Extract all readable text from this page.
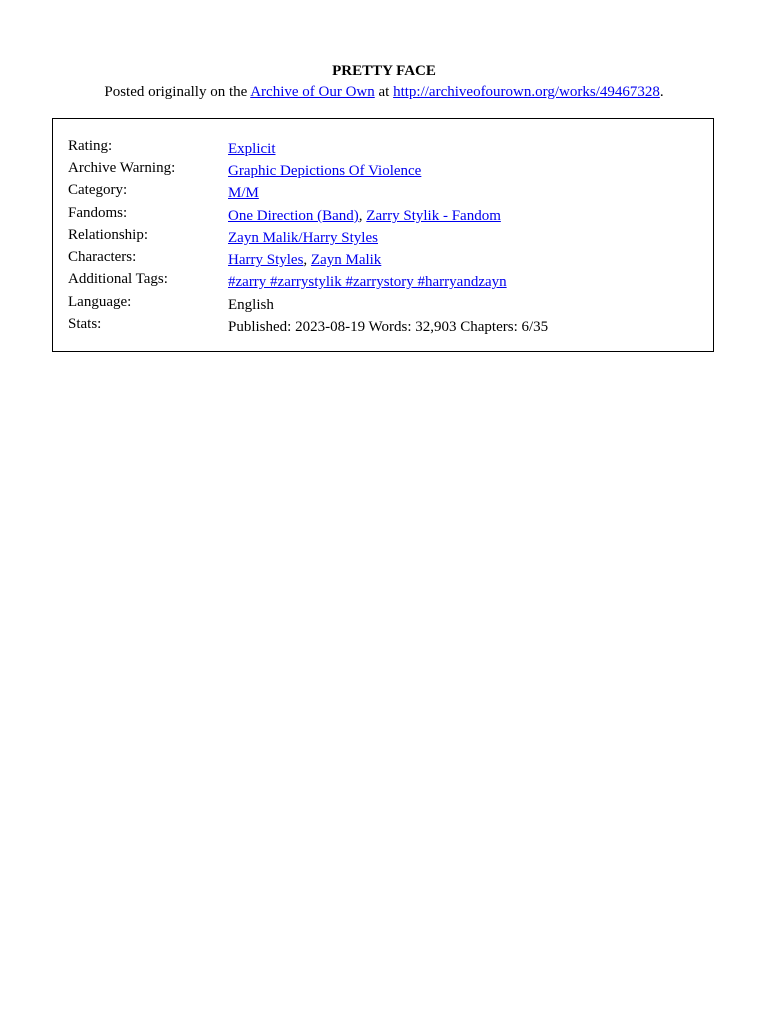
PRETTY FACE
Posted originally on the Archive of Our Own at http://archiveofourown.org/works/49467328.
Rating:	Explicit
Archive Warning:	Graphic Depictions Of Violence
Category:	M/M
Fandoms:	One Direction (Band), Zarry Stylik - Fandom
Relationship:	Zayn Malik/Harry Styles
Characters:	Harry Styles, Zayn Malik
Additional Tags:	#zarry #zarrystylik #zarrystory #harryandzayn
Language:	English
Stats:	Published: 2023-08-19 Words: 32,903 Chapters: 6/35
